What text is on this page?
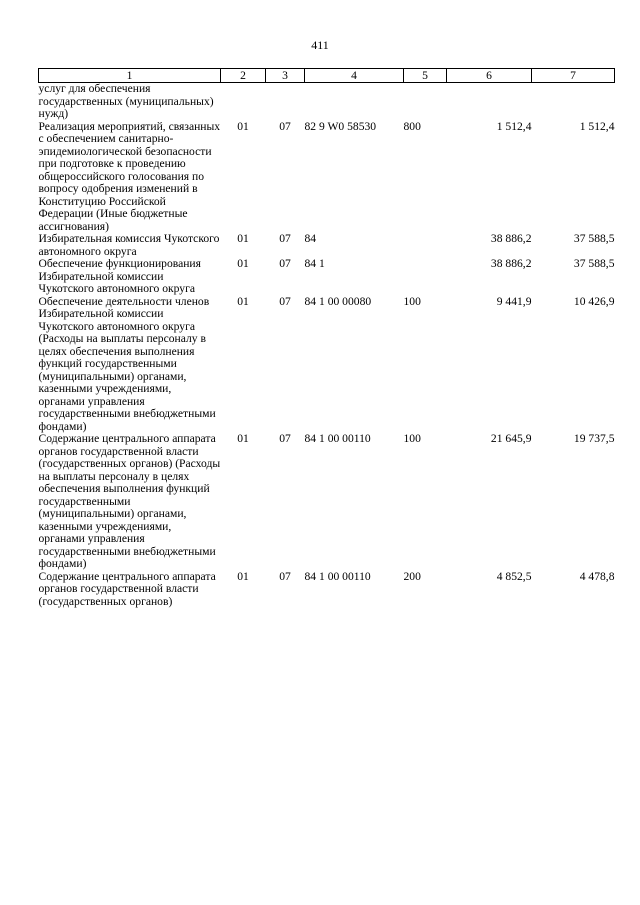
411
1	2	3	4	5	6	7
услуг для обеспечения государственных (муниципальных) нужд)						
Реализация мероприятий, связанных с обеспечением санитарно-эпидемиологической безопасности при подготовке к проведению общероссийского голосования по вопросу одобрения изменений в Конституцию Российской Федерации (Иные бюджетные ассигнования)	01	07	82 9 W0 58530	800	1 512,4	1 512,4
Избирательная комиссия Чукотского автономного округа	01	07	84		38 886,2	37 588,5
Обеспечение функционирования Избирательной комиссии Чукотского автономного округа	01	07	84 1		38 886,2	37 588,5
Обеспечение деятельности членов Избирательной комиссии Чукотского автономного округа (Расходы на выплаты персоналу в целях обеспечения выполнения функций государственными (муниципальными) органами, казенными учреждениями, органами управления государственными внебюджетными фондами)	01	07	84 1 00 00080	100	9 441,9	10 426,9
Содержание центрального аппарата органов государственной власти (государственных органов) (Расходы на выплаты персоналу в целях обеспечения выполнения функций государственными (муниципальными) органами, казенными учреждениями, органами управления государственными внебюджетными фондами)	01	07	84 1 00 00110	100	21 645,9	19 737,5
Содержание центрального аппарата органов государственной власти (государственных органов)	01	07	84 1 00 00110	200	4 852,5	4 478,8
